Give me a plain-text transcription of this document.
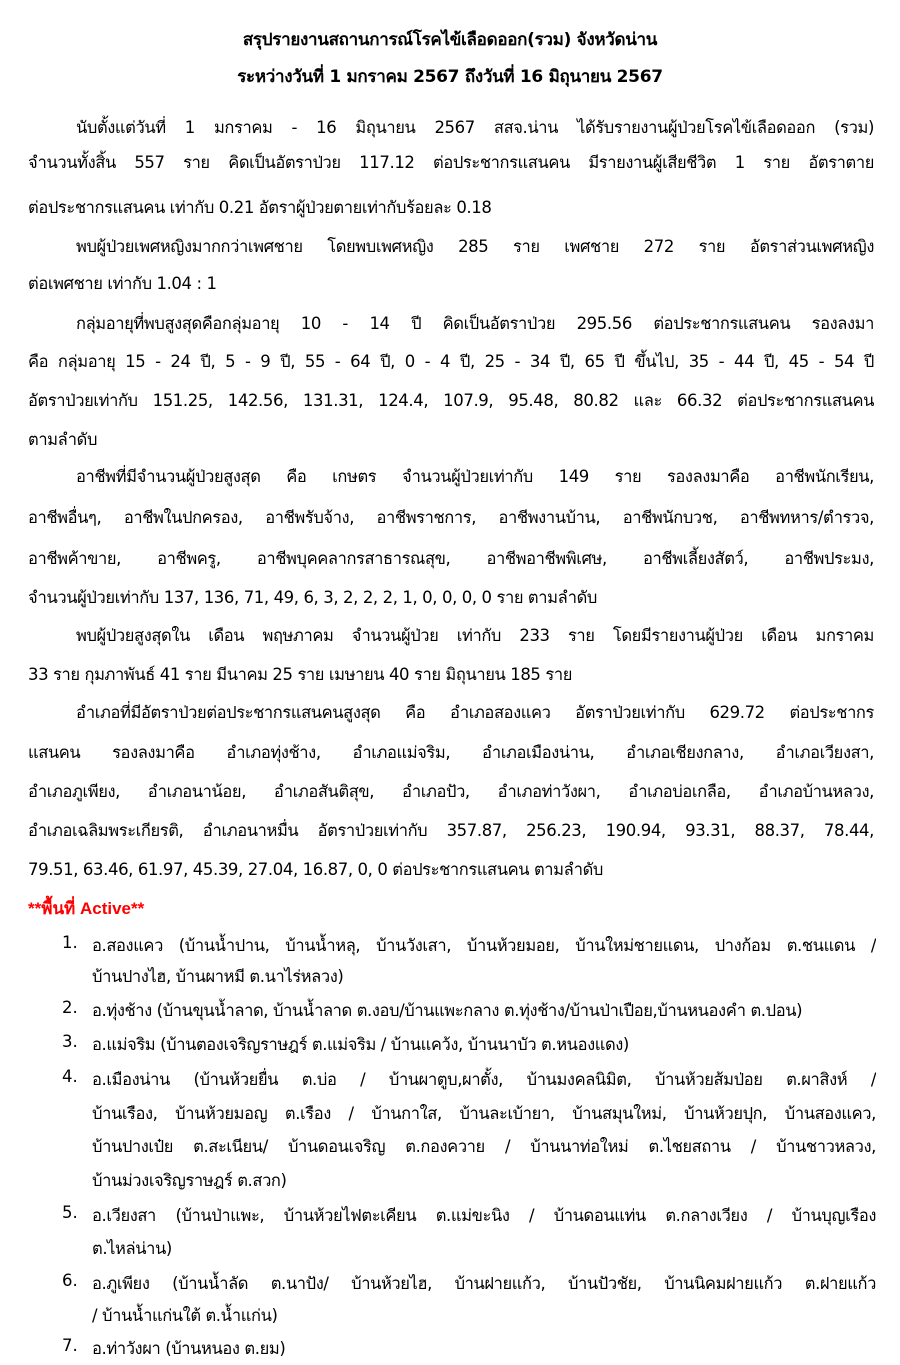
สรุปรายงานสถานการณ์โรคไข้เลือดออก(รวม) จังหวัดน่าน
ระหว่างวันที่ 1 มกราคม 2567 ถึงวันที่ 16 มิถุนายน 2567
นับตั้งแต่วันที่ 1 มกราคม - 16 มิถุนายน 2567 สสจ.น่าน ได้รับรายงานผู้ป่วยโรคไข้เลือดออก (รวม)
จำนวนทั้งสิ้น 557 ราย คิดเป็นอัตราป่วย 117.12 ต่อประชากรแสนคน มีรายงานผู้เสียชีวิต 1 ราย อัตราตาย
ต่อประชากรแสนคน เท่ากับ 0.21 อัตราผู้ป่วยตายเท่ากับร้อยละ 0.18
พบผู้ป่วยเพศหญิงมากกว่าเพศชาย โดยพบเพศหญิง 285 ราย เพศชาย 272 ราย อัตราส่วนเพศหญิง
ต่อเพศชาย เท่ากับ 1.04 : 1
กลุ่มอายุที่พบสูงสุดคือกลุ่มอายุ 10 - 14 ปี คิดเป็นอัตราป่วย 295.56 ต่อประชากรแสนคน รองลงมา
คือ กลุ่มอายุ 15 - 24 ปี, 5 - 9 ปี, 55 - 64 ปี, 0 - 4 ปี, 25 - 34 ปี, 65 ปี ขึ้นไป, 35 - 44 ปี, 45 - 54 ปี
อัตราป่วยเท่ากับ 151.25, 142.56, 131.31, 124.4, 107.9, 95.48, 80.82 และ 66.32 ต่อประชากรแสนคน
ตามลำดับ
อาชีพที่มีจำนวนผู้ป่วยสูงสุด คือ เกษตร จำนวนผู้ป่วยเท่ากับ 149 ราย รองลงมาคือ อาชีพนักเรียน,
อาชีพอื่นๆ, อาชีพในปกครอง, อาชีพรับจ้าง, อาชีพราชการ, อาชีพงานบ้าน, อาชีพนักบวช, อาชีพทหาร/ตำรวจ,
อาชีพค้าขาย, อาชีพครู, อาชีพบุคคลากรสาธารณสุข, อาชีพอาชีพพิเศษ, อาชีพเลี้ยงสัตว์, อาชีพประมง,
จำนวนผู้ป่วยเท่ากับ 137, 136, 71, 49, 6, 3, 2, 2, 2, 1, 0, 0, 0, 0 ราย ตามลำดับ
พบผู้ป่วยสูงสุดใน เดือน พฤษภาคม จำนวนผู้ป่วย เท่ากับ 233 ราย โดยมีรายงานผู้ป่วย เดือน มกราคม
33 ราย กุมภาพันธ์ 41 ราย มีนาคม 25 ราย เมษายน 40 ราย มิถุนายน 185 ราย
อำเภอที่มีอัตราป่วยต่อประชากรแสนคนสูงสุด คือ อำเภอสองแคว อัตราป่วยเท่ากับ 629.72 ต่อประชากร
แสนคน รองลงมาคือ อำเภอทุ่งช้าง, อำเภอแม่จริม, อำเภอเมืองน่าน, อำเภอเชียงกลาง, อำเภอเวียงสา,
อำเภอภูเพียง, อำเภอนาน้อย, อำเภอสันติสุข, อำเภอปัว, อำเภอท่าวังผา, อำเภอบ่อเกลือ, อำเภอบ้านหลวง,
อำเภอเฉลิมพระเกียรติ, อำเภอนาหมื่น อัตราป่วยเท่ากับ 357.87, 256.23, 190.94, 93.31, 88.37, 78.44,
79.51, 63.46, 61.97, 45.39, 27.04, 16.87, 0, 0 ต่อประชากรแสนคน ตามลำดับ
**พื้นที่ Active**
1. อ.สองแคว (บ้านน้ำปาน, บ้านน้ำหลุ, บ้านวังเสา, บ้านห้วยมอย, บ้านใหม่ชายแดน, ปางก้อม ต.ชนแดน /
บ้านปางไฮ, บ้านผาหมี ต.นาไร่หลวง)
2. อ.ทุ่งช้าง (บ้านขุนน้ำลาด, บ้านน้ำลาด ต.งอบ/บ้านแพะกลาง ต.ทุ่งช้าง/บ้านป่าเปือย,บ้านหนองคำ ต.ปอน)
3. อ.แม่จริม (บ้านตองเจริญราษฎร์ ต.แม่จริม / บ้านแคว้ง, บ้านนาบัว ต.หนองแดง)
4. อ.เมืองน่าน (บ้านห้วยยื่น ต.บ่อ / บ้านผาตูบ,ผาตั้ง, บ้านมงคลนิมิต, บ้านห้วยส้มป่อย ต.ผาสิงห์ /
บ้านเรือง, บ้านห้วยมอญ ต.เรือง / บ้านกาใส, บ้านละเบ้ายา, บ้านสมุนใหม่, บ้านห้วยปุก, บ้านสองแคว,
บ้านปางเป๋ย ต.สะเนียน/ บ้านดอนเจริญ ต.กองควาย / บ้านนาท่อใหม่ ต.ไชยสถาน / บ้านชาวหลวง,
บ้านม่วงเจริญราษฎร์ ต.สวก)
5. อ.เวียงสา (บ้านป่าแพะ, บ้านห้วยไฟตะเคียน ต.แม่ขะนิง / บ้านดอนแท่น ต.กลางเวียง / บ้านบุญเรือง
ต.ไหล่น่าน)
6. อ.ภูเพียง (บ้านน้ำลัด ต.นาปัง/ บ้านห้วยไฮ, บ้านฝายแก้ว, บ้านปัวชัย, บ้านนิคมฝายแก้ว ต.ฝายแก้ว
/ บ้านน้ำแก่นใต้ ต.น้ำแก่น)
7. อ.ท่าวังผา (บ้านหนอง ต.ยม)
